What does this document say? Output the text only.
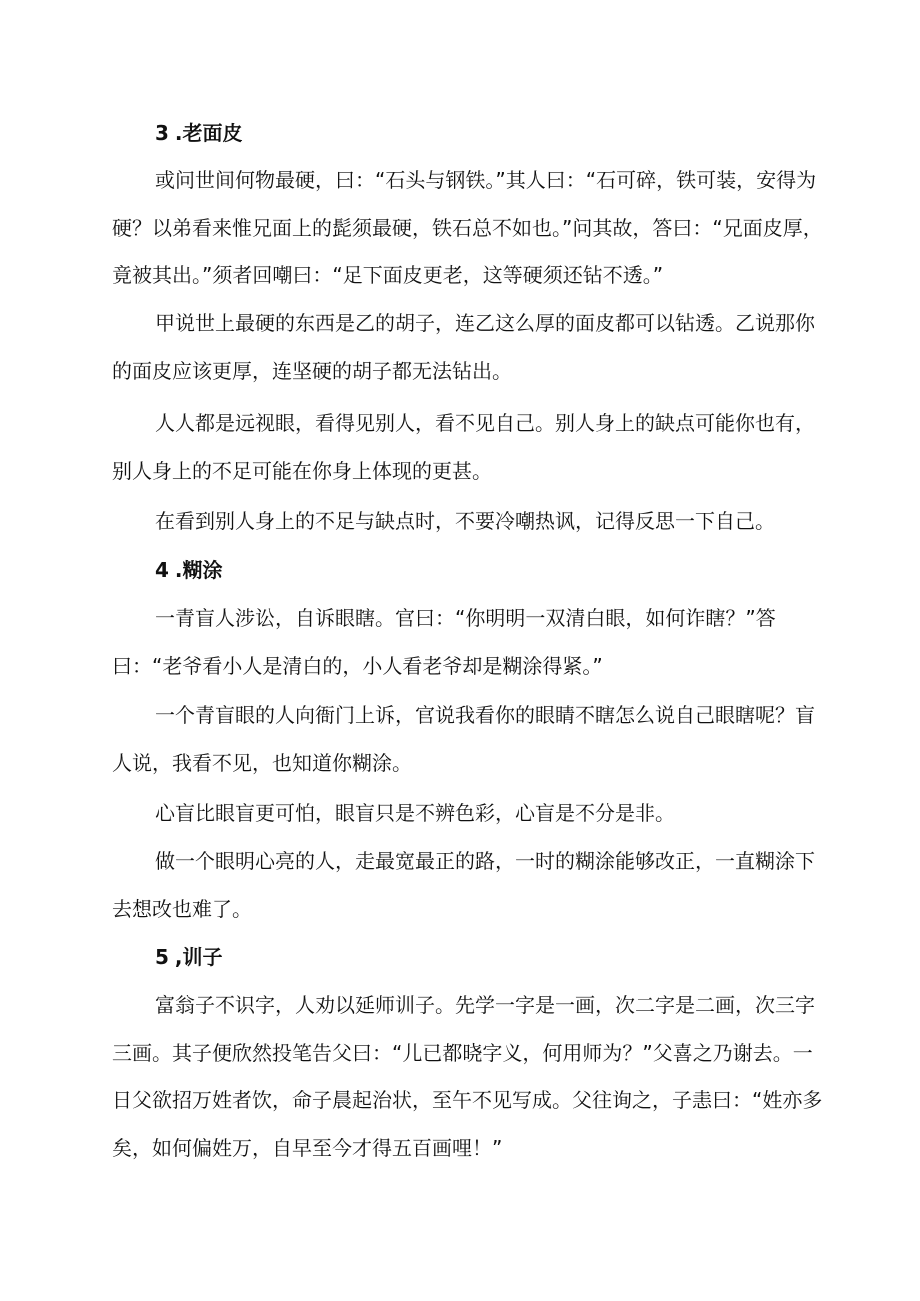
3 .老面皮

或问世间何物最硬，曰：“石头与钢铁。”其人曰：“石可碎，铁可装，安得为硬？以弟看来惟兄面上的髭须最硬，铁石总不如也。”问其故，答曰：“兄面皮厚，竟被其出。”须者回嘲曰：“足下面皮更老，这等硬须还钻不透。”

甲说世上最硬的东西是乙的胡子，连乙这么厚的面皮都可以钻透。乙说那你的面皮应该更厚，连坚硬的胡子都无法钻出。

人人都是远视眼，看得见别人，看不见自己。别人身上的缺点可能你也有，别人身上的不足可能在你身上体现的更甚。

在看到别人身上的不足与缺点时，不要冷嘲热讽，记得反思一下自己。

4 .糊涂

一青盲人涉讼，自诉眼瞎。官曰：“你明明一双清白眼，如何诈瞎？”答曰：“老爷看小人是清白的，小人看老爷却是糊涂得紧。”

一个青盲眼的人向衙门上诉，官说我看你的眼睛不瞎怎么说自己眼瞎呢？盲人说，我看不见，也知道你糊涂。

心盲比眼盲更可怕，眼盲只是不辨色彩，心盲是不分是非。

做一个眼明心亮的人，走最宽最正的路，一时的糊涂能够改正，一直糊涂下去想改也难了。

5 ,训子

富翁子不识字，人劝以延师训子。先学一字是一画，次二字是二画，次三字三画。其子便欣然投笔告父曰：“儿已都晓字义，何用师为？”父喜之乃谢去。一日父欲招万姓者饮，命子晨起治状，至午不见写成。父往询之，子恚曰：“姓亦多矣，如何偏姓万，自早至今才得五百画哩！”
